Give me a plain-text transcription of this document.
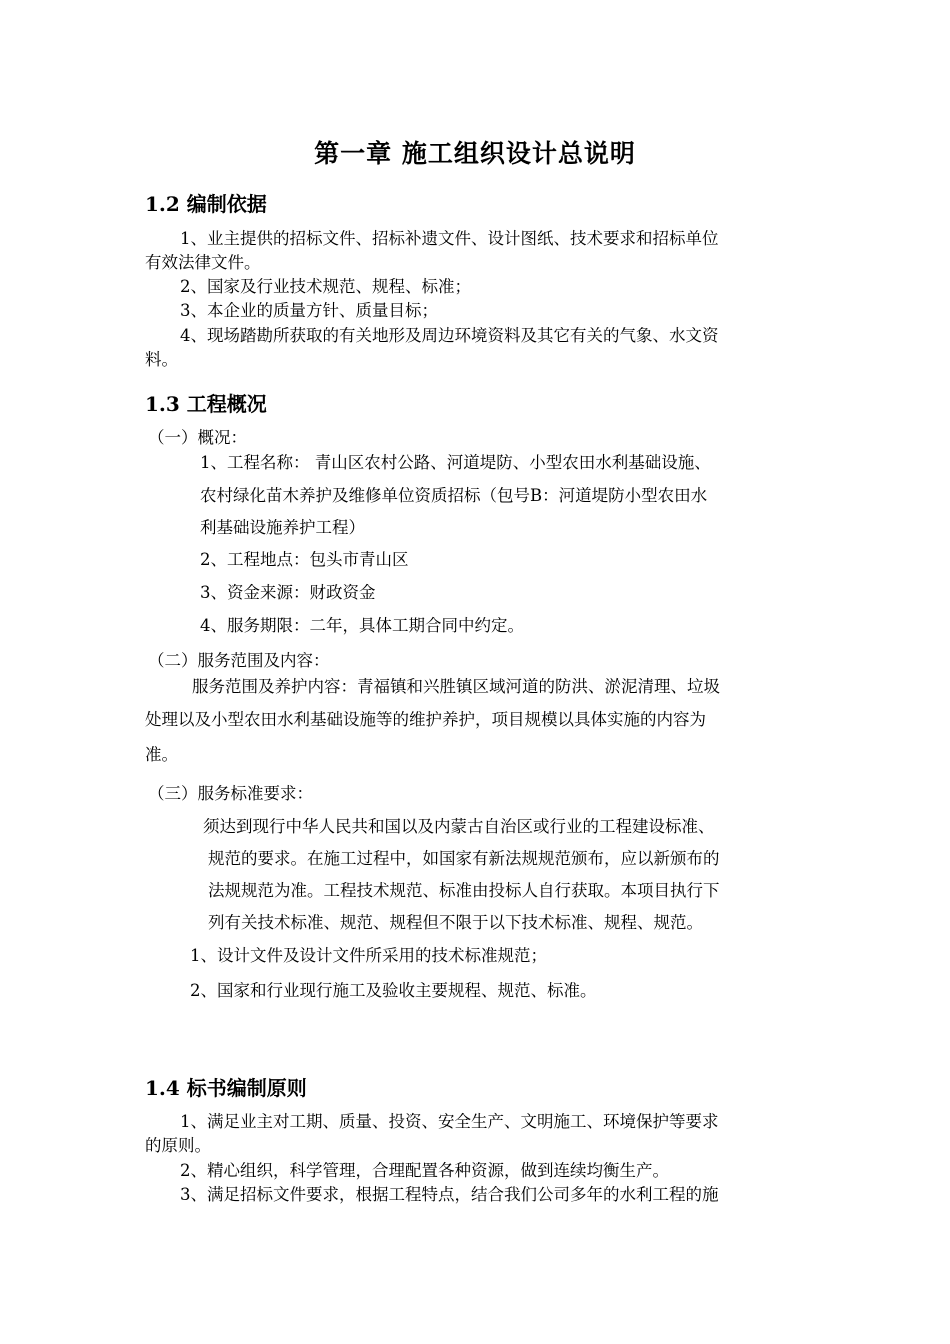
第一章 施工组织设计总说明
1.2 编制依据
1、业主提供的招标文件、招标补遗文件、设计图纸、技术要求和招标单位
有效法律文件。
2、国家及行业技术规范、规程、标准；
3、本企业的质量方针、质量目标；
4、现场踏勘所获取的有关地形及周边环境资料及其它有关的气象、水文资
料。
1.3 工程概况
（一）概况：
1、工程名称： 青山区农村公路、河道堤防、小型农田水利基础设施、
农村绿化苗木养护及维修单位资质招标（包号B：河道堤防小型农田水
利基础设施养护工程）
2、工程地点：包头市青山区
3、资金来源：财政资金
4、服务期限：二年，具体工期合同中约定。
（二）服务范围及内容：
服务范围及养护内容：青福镇和兴胜镇区域河道的防洪、淤泥清理、垃圾
处理以及小型农田水利基础设施等的维护养护，项目规模以具体实施的内容为
准。
（三）服务标准要求：
须达到现行中华人民共和国以及内蒙古自治区或行业的工程建设标准、
规范的要求。在施工过程中，如国家有新法规规范颁布，应以新颁布的
法规规范为准。工程技术规范、标准由投标人自行获取。本项目执行下
列有关技术标准、规范、规程但不限于以下技术标准、规程、规范。
1、设计文件及设计文件所采用的技术标准规范；
2、国家和行业现行施工及验收主要规程、规范、标准。
1.4 标书编制原则
1、满足业主对工期、质量、投资、安全生产、文明施工、环境保护等要求
的原则。
2、精心组织，科学管理，合理配置各种资源，做到连续均衡生产。
3、满足招标文件要求，根据工程特点，结合我们公司多年的水利工程的施
